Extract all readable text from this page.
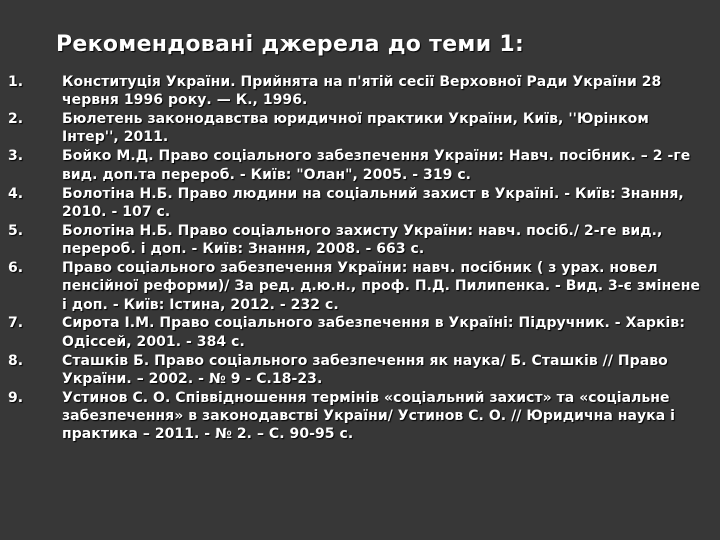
Рекомендовані джерела до теми 1:
1.	Конституція України. Прийнята на п'ятій сесії Верховної Ради України 28 червня 1996 року. — К., 1996.
2.	Бюлетень законодавства юридичної практики України, Київ, ''Юрінком Інтер'', 2011.
3.	Бойко М.Д. Право соціального забезпечення України: Навч. посібник. – 2 -ге вид. доп.та перероб. - Київ: "Олан", 2005. - 319 с.
4.	Болотіна Н.Б. Право людини на соціальний захист в Україні. - Київ: Знання, 2010. - 107 с.
5.	Болотіна Н.Б. Право соціального захисту України: навч. посіб./ 2-ге вид., перероб. і доп. - Київ: Знання, 2008. - 663 с.
6.	Право соціального забезпечення України: навч. посібник ( з урах. новел пенсійної реформи)/ За ред. д.ю.н., проф. П.Д. Пилипенка. - Вид. 3-є змінене і доп. - Київ: Істина, 2012. - 232 с.
7.	Сирота І.М. Право соціального забезпечення в Україні: Підручник. - Харків: Одіссей, 2001. - 384 с.
8.	Сташків Б. Право соціального забезпечення як наука/ Б. Сташків // Право України. – 2002. - № 9 - С.18-23.
9.	Устинов С. О. Співвідношення термінів «соціальний захист» та «соціальне забезпечення» в законодавстві України/ Устинов С. О. // Юридична наука і практика – 2011. - № 2. – С. 90-95 с.
